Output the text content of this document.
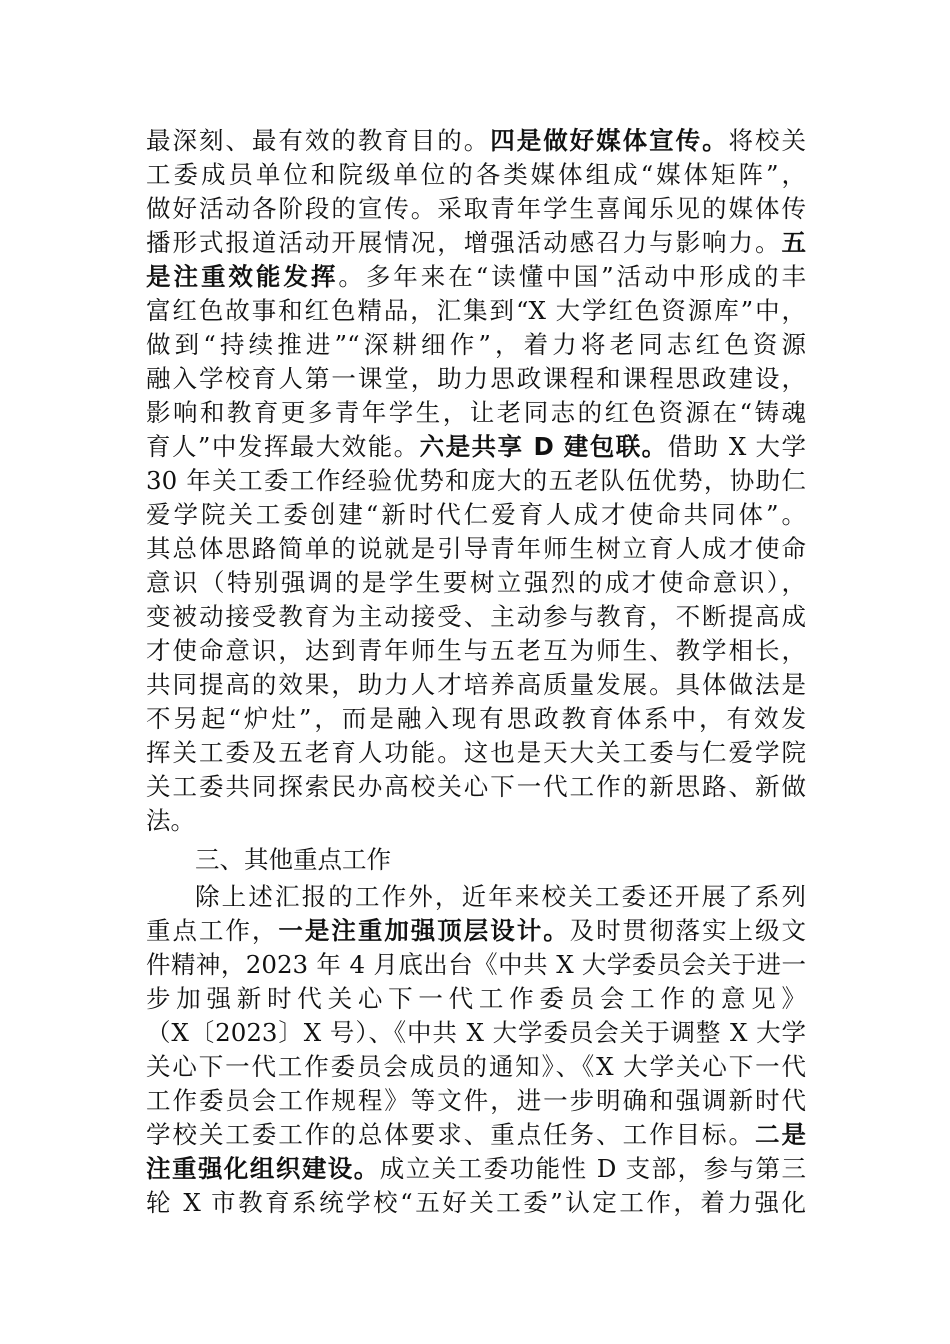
最深刻、最有效的教育目的。四是做好媒体宣传。将校关
工委成员单位和院级单位的各类媒体组成“媒体矩阵”，
做好活动各阶段的宣传。采取青年学生喜闻乐见的媒体传
播形式报道活动开展情况，增强活动感召力与影响力。五
是注重效能发挥。多年来在“读懂中国”活动中形成的丰
富红色故事和红色精品，汇集到“X 大学红色资源库”中，
做到“持续推进”“深耕细作”，着力将老同志红色资源
融入学校育人第一课堂，助力思政课程和课程思政建设，
影响和教育更多青年学生，让老同志的红色资源在“铸魂
育人”中发挥最大效能。六是共享 D 建包联。借助 X 大学
30 年关工委工作经验优势和庞大的五老队伍优势，协助仁
爱学院关工委创建“新时代仁爱育人成才使命共同体”。
其总体思路简单的说就是引导青年师生树立育人成才使命
意识（特别强调的是学生要树立强烈的成才使命意识），
变被动接受教育为主动接受、主动参与教育，不断提高成
才使命意识，达到青年师生与五老互为师生、教学相长，
共同提高的效果，助力人才培养高质量发展。具体做法是
不另起“炉灶”，而是融入现有思政教育体系中，有效发
挥关工委及五老育人功能。这也是天大关工委与仁爱学院
关工委共同探索民办高校关心下一代工作的新思路、新做
法。
三、其他重点工作
除上述汇报的工作外，近年来校关工委还开展了系列
重点工作，一是注重加强顶层设计。及时贯彻落实上级文
件精神，2023 年 4 月底出台《中共 X 大学委员会关于进一
步加强新时代关心下一代工作委员会工作的意见》
（X〔2023〕X 号）、《中共 X 大学委员会关于调整 X 大学
关心下一代工作委员会成员的通知》、《X 大学关心下一代
工作委员会工作规程》等文件，进一步明确和强调新时代
学校关工委工作的总体要求、重点任务、工作目标。二是
注重强化组织建设。成立关工委功能性 D 支部，参与第三
轮 X 市教育系统学校“五好关工委”认定工作，着力强化
